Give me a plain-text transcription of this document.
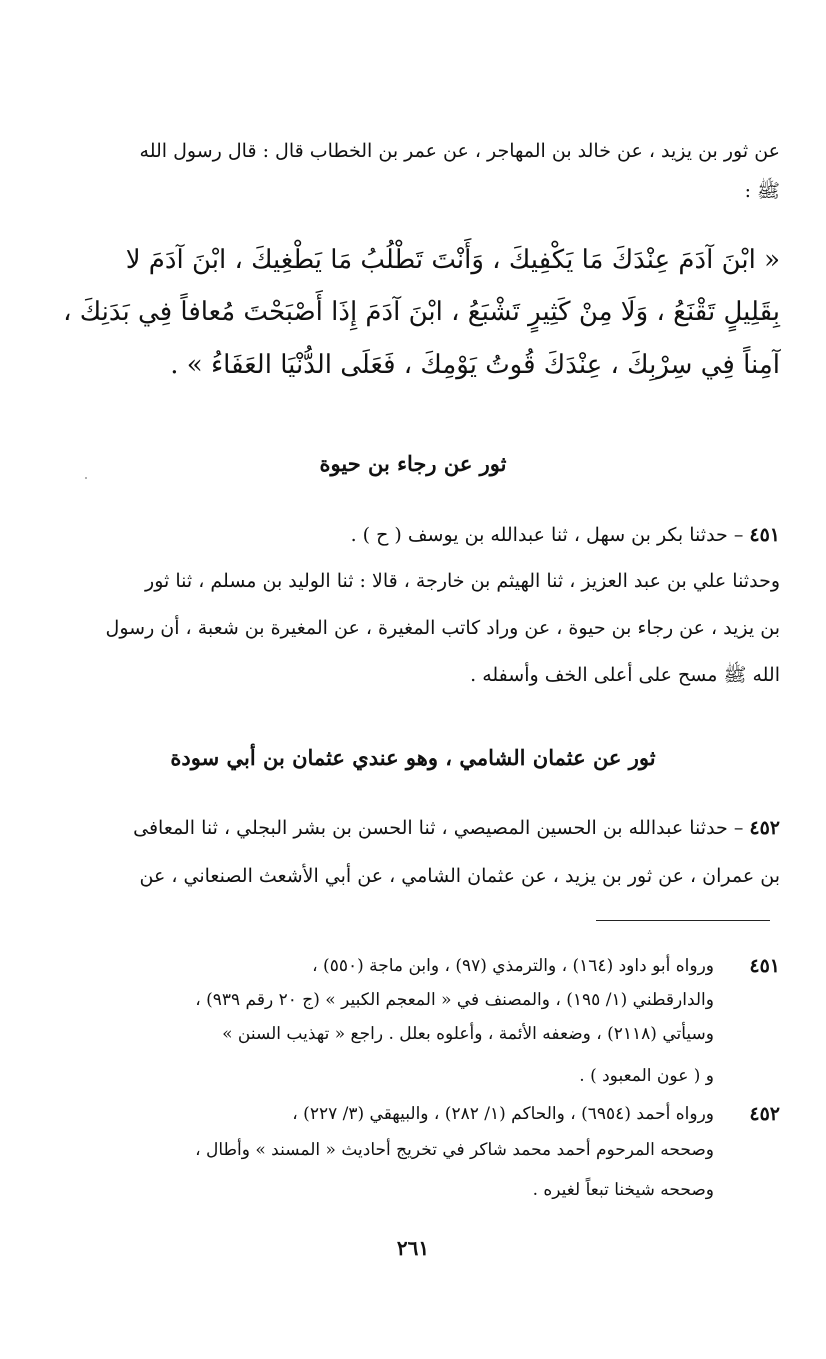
عن ثور بن يزيد ، عن خالد بن المهاجر ، عن عمر بن الخطاب قال : قال رسول الله
ﷺ :
« ابْنَ آدَمَ عِنْدَكَ مَا يَكْفِيكَ ، وَأَنْتَ تَطْلُبُ مَا يَطْغِيكَ ، ابْنَ آدَمَ لا
بِقَلِيلٍ تَقْنَعُ ، وَلَا مِنْ كَثِيرٍ تَشْبَعُ ، ابْنَ آدَمَ إِذَا أَصْبَحْتَ مُعافاً فِي بَدَنِكَ ،
آمِناً فِي سِرْبِكَ ، عِنْدَكَ قُوتُ يَوْمِكَ ، فَعَلَى الدُّنْيَا العَفَاءُ » .
ثور عن رجاء بن حيوة
٤٥١ – حدثنا بكر بن سهل ، ثنا عبدالله بن يوسف ( ح ) .
وحدثنا علي بن عبد العزيز ، ثنا الهيثم بن خارجة ، قالا : ثنا الوليد بن مسلم ، ثنا ثور
بن يزيد ، عن رجاء بن حيوة ، عن وراد كاتب المغيرة ، عن المغيرة بن شعبة ، أن رسول
الله ﷺ مسح على أعلى الخف وأسفله .
ثور عن عثمان الشامي ، وهو عندي عثمان بن أبي سودة
٤٥٢ – حدثنا عبدالله بن الحسين المصيصي ، ثنا الحسن بن بشر البجلي ، ثنا المعافى
بن عمران ، عن ثور بن يزيد ، عن عثمان الشامي ، عن أبي الأشعث الصنعاني ، عن
٤٥١
ورواه أبو داود (١٦٤) ، والترمذي (٩٧) ، وابن ماجة (٥٥٠) ،
والدارقطني (١/ ١٩٥) ، والمصنف في « المعجم الكبير » (ج ٢٠ رقم ٩٣٩) ،
وسيأتي (٢١١٨) ، وضعفه الأئمة ، وأعلوه بعلل . راجع « تهذيب السنن »
و ( عون المعبود ) .
٤٥٢
ورواه أحمد (٦٩٥٤) ، والحاكم (١/ ٢٨٢) ، والبيهقي (٣/ ٢٢٧) ،
وصححه المرحوم أحمد محمد شاكر في تخريج أحاديث « المسند » وأطال ،
وصححه شيخنا تبعاً لغيره .
٢٦١
